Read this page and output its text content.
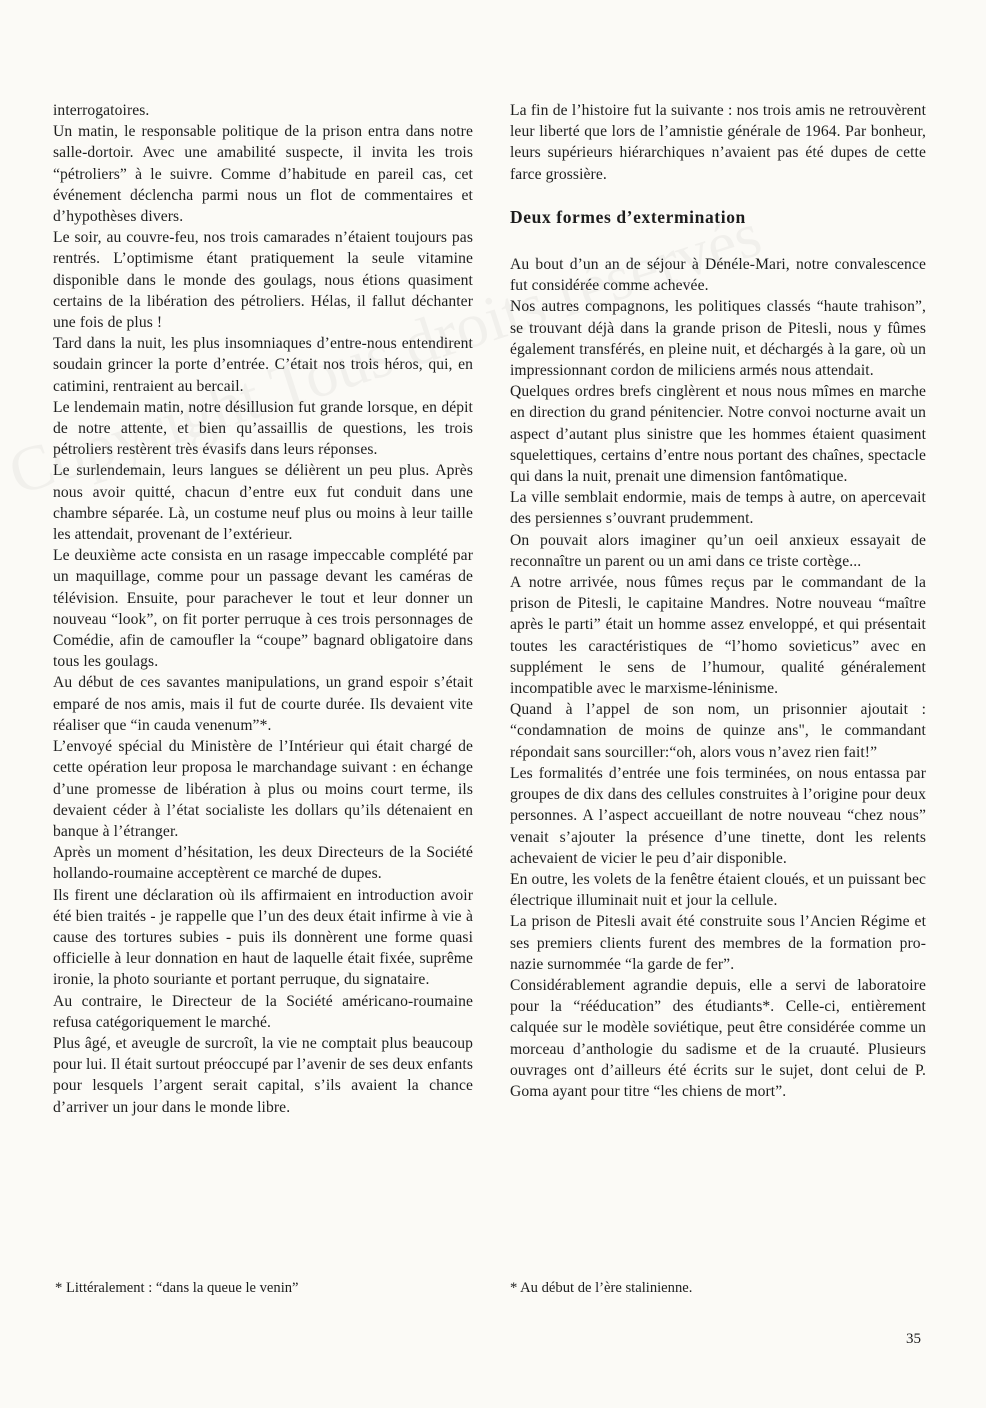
interrogatoires.

Un matin, le responsable politique de la prison entra dans notre salle-dortoir. Avec une amabilité suspecte, il invita les trois “pétroliers” à le suivre. Comme d’habitude en pareil cas, cet événement déclencha parmi nous un flot de commentaires et d’hypothèses divers.

Le soir, au couvre-feu, nos trois camarades n’étaient toujours pas rentrés. L’optimisme étant pratiquement la seule vitamine disponible dans le monde des goulags, nous étions quasiment certains de la libération des pétroliers. Hélas, il fallut déchanter une fois de plus !

Tard dans la nuit, les plus insomniaques d’entre-nous entendirent soudain grincer la porte d’entrée. C’était nos trois héros, qui, en catimini, rentraient au bercail.

Le lendemain matin, notre désillusion fut grande lorsque, en dépit de notre attente, et bien qu’assaillis de questions, les trois pétroliers restèrent très évasifs dans leurs réponses.

Le surlendemain, leurs langues se délièrent un peu plus. Après nous avoir quitté, chacun d’entre eux fut conduit dans une chambre séparée. Là, un costume neuf plus ou moins à leur taille les attendait, provenant de l’extérieur.

Le deuxième acte consista en un rasage impeccable complété par un maquillage, comme pour un passage devant les caméras de télévision. Ensuite, pour parachever le tout et leur donner un nouveau “look”, on fit porter perruque à ces trois personnages de Comédie, afin de camoufler la “coupe” bagnard obligatoire dans tous les goulags.

Au début de ces savantes manipulations, un grand espoir s’était emparé de nos amis, mais il fut de courte durée. Ils devaient vite réaliser que “in cauda venenum”*.

L’envoyé spécial du Ministère de l’Intérieur qui était chargé de cette opération leur proposa le marchandage suivant : en échange d’une promesse de libération à plus ou moins court terme, ils devaient céder à l’état socialiste les dollars qu’ils détenaient en banque à l’étranger.

Après un moment d’hésitation, les deux Directeurs de la Société hollando-roumaine acceptèrent ce marché de dupes.

Ils firent une déclaration où ils affirmaient en introduction avoir été bien traités - je rappelle que l’un des deux était infirme à vie à cause des tortures subies - puis ils donnèrent une forme quasi officielle à leur donnation en haut de laquelle était fixée, suprême ironie, la photo souriante et portant perruque, du signataire.

Au contraire, le Directeur de la Société américano-roumaine refusa catégoriquement le marché.

Plus âgé, et aveugle de surcroît, la vie ne comptait plus beaucoup pour lui. Il était surtout préoccupé par l’avenir de ses deux enfants pour lesquels l’argent serait capital, s’ils avaient la chance d’arriver un jour dans le monde libre.

La fin de l’histoire fut la suivante : nos trois amis ne retrouvèrent leur liberté que lors de l’amnistie générale de 1964. Par bonheur, leurs supérieurs hiérarchiques n’avaient pas été dupes de cette farce grossière.

Deux formes d’extermination

Au bout d’un an de séjour à Dénéle-Mari, notre convalescence fut considérée comme achevée.

Nos autres compagnons, les politiques classés “haute trahison”, se trouvant déjà dans la grande prison de Pitesli, nous y fûmes également transférés, en pleine nuit, et déchargés à la gare, où un impressionnant cordon de miliciens armés nous attendait.

Quelques ordres brefs cinglèrent et nous nous mîmes en marche en direction du grand pénitencier. Notre convoi nocturne avait un aspect d’autant plus sinistre que les hommes étaient quasiment squelettiques, certains d’entre nous portant des chaînes, spectacle qui dans la nuit, prenait une dimension fantômatique.

La ville semblait endormie, mais de temps à autre, on apercevait des persiennes s’ouvrant prudemment.

On pouvait alors imaginer qu’un oeil anxieux essayait de reconnaître un parent ou un ami dans ce triste cortège...

A notre arrivée, nous fûmes reçus par le commandant de la prison de Pitesli, le capitaine Mandres. Notre nouveau “maître après le parti” était un homme assez enveloppé, et qui présentait toutes les caractéristiques de “l’homo sovieticus” avec en supplément le sens de l’humour, qualité généralement incompatible avec le marxisme-léninisme.

Quand à l’appel de son nom, un prisonnier ajoutait : “condamnation de moins de quinze ans", le commandant répondait sans sourciller:“oh, alors vous n’avez rien fait!”

Les formalités d’entrée une fois terminées, on nous entassa par groupes de dix dans des cellules construites à l’origine pour deux personnes. A l’aspect accueillant de notre nouveau “chez nous” venait s’ajouter la présence d’une tinette, dont les relents achevaient de vicier le peu d’air disponible.

En outre, les volets de la fenêtre étaient cloués, et un puissant bec électrique illuminait nuit et jour la cellule.

La prison de Pitesli avait été construite sous l’Ancien Régime et ses premiers clients furent des membres de la formation pro-nazie surnommée “la garde de fer”.

Considérablement agrandie depuis, elle a servi de laboratoire pour la “rééducation” des étudiants*. Celle-ci, entièrement calquée sur le modèle soviétique, peut être considérée comme un morceau d’anthologie du sadisme et de la cruauté. Plusieurs ouvrages ont d’ailleurs été écrits sur le sujet, dont celui de P. Goma ayant pour titre “les chiens de mort”.

* Littéralement : “dans la queue le venin”	* Au début de l’ère stalinienne.
35
